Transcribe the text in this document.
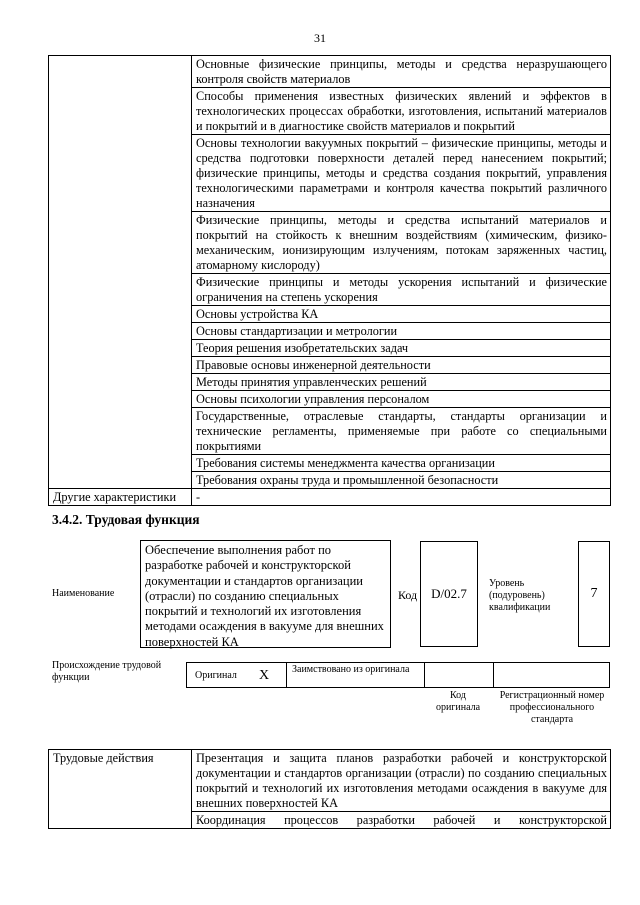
31
	Основные физические принципы, методы и средства неразрушающего контроля свойств материалов
	Способы применения известных физических явлений и эффектов в технологических процессах обработки, изготовления, испытаний материалов и покрытий и в диагностике свойств материалов и покрытий
	Основы технологии вакуумных покрытий – физические принципы, методы и средства подготовки поверхности деталей перед нанесением покрытий; физические принципы, методы и средства создания покрытий, управления технологическими параметрами и контроля качества покрытий различного назначения
	Физические принципы, методы и средства испытаний материалов и покрытий на стойкость к внешним воздействиям (химическим, физико-механическим, ионизирующим излучениям, потокам заряженных частиц, атомарному кислороду)
	Физические принципы и методы ускорения испытаний и физические ограничения на степень ускорения
	Основы устройства КА
	Основы стандартизации и метрологии
	Теория решения изобретательских задач
	Правовые основы инженерной деятельности
	Методы принятия управленческих решений
	Основы психологии управления персоналом
	Государственные, отраслевые стандарты, стандарты организации и технические регламенты, применяемые при работе со специальными покрытиями
	Требования системы менеджмента качества организации
	Требования охраны труда и промышленной безопасности
Другие характеристики	-
3.4.2. Трудовая функция
Наименование
Обеспечение выполнения работ по разработке рабочей и конструкторской документации и стандартов организации (отрасли) по созданию специальных покрытий и технологий их изготовления методами осаждения в вакууме для внешних поверхностей КА
Код D/02.7
Уровень (подуровень) квалификации
7
Происхождение трудовой функции	Оригинал X Заимствовано из оригинала
Код оригинала
Регистрационный номер профессионального стандарта
Трудовые действия	Презентация и защита планов разработки рабочей и конструкторской документации и стандартов организации (отрасли) по созданию специальных покрытий и технологий их изготовления методами осаждения в вакууме для внешних поверхностей КА
Координация процессов разработки рабочей и конструкторской
